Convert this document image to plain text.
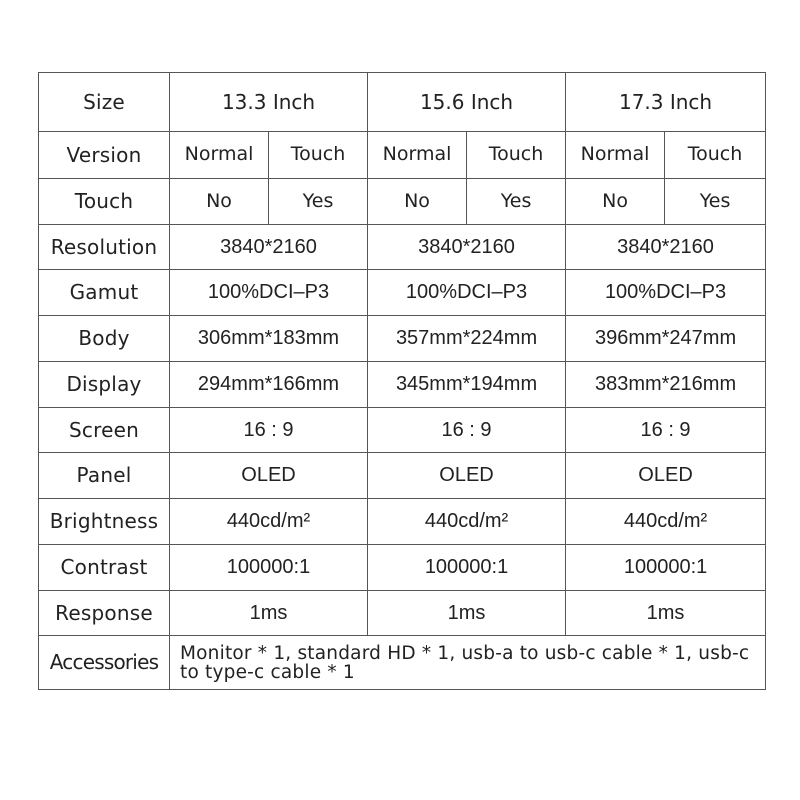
Size	13.3 Inch		15.6 Inch		17.3 Inch	
Version	Normal	Touch	Normal	Touch	Normal	Touch
Touch	No	Yes	No	Yes	No	Yes
Resolution	3840*2160		3840*2160		3840*2160	
Gamut	100%DCI–P3		100%DCI–P3		100%DCI–P3	
Body	306mm*183mm		357mm*224mm		396mm*247mm	
Display	294mm*166mm		345mm*194mm		383mm*216mm	
Screen	16 : 9		16 : 9		16 : 9	
Panel	OLED		OLED		OLED	
Brightness	440cd/m²		440cd/m²		440cd/m²	
Contrast	100000:1		100000:1		100000:1	
Response	1ms		1ms		1ms	
Accessories	Monitor * 1, standard HD * 1, usb-a to usb-c cable * 1, usb-c to type-c cable * 1					
